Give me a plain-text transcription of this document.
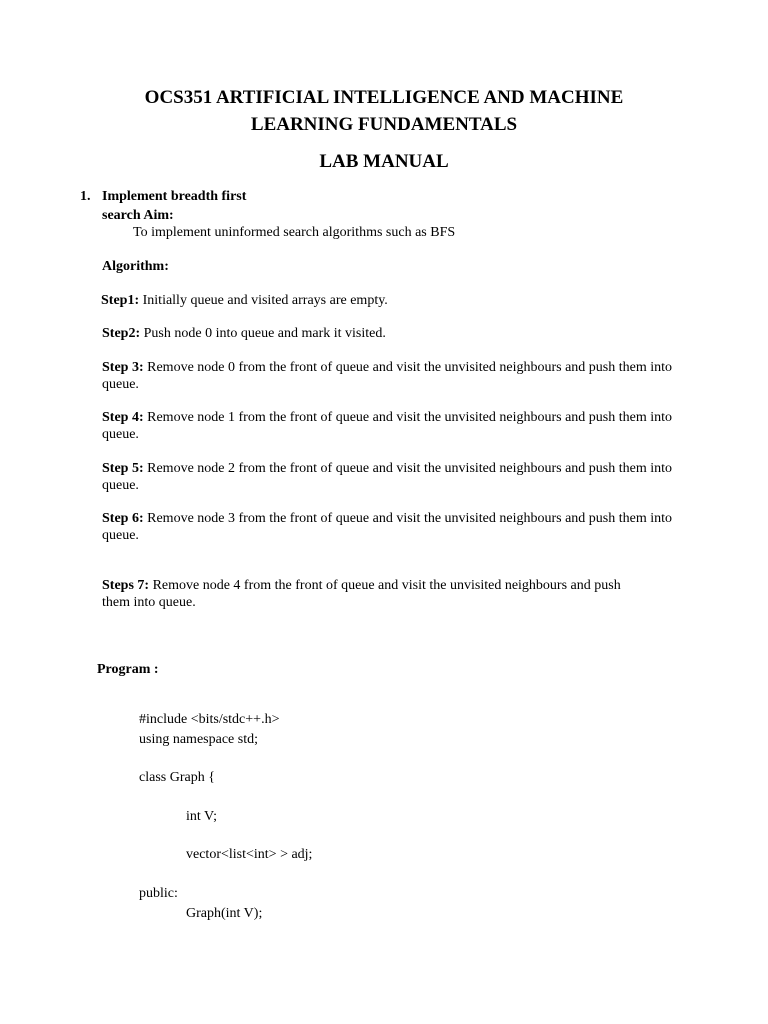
OCS351 ARTIFICIAL INTELLIGENCE AND MACHINE
LEARNING FUNDAMENTALS
LAB MANUAL
1. Implement breadth first
search Aim:
To implement uninformed search algorithms such as BFS
Algorithm:
Step1: Initially queue and visited arrays are empty.
Step2: Push node 0 into queue and mark it visited.
Step 3: Remove node 0 from the front of queue and visit the unvisited neighbours and push them into queue.
Step 4: Remove node 1 from the front of queue and visit the unvisited neighbours and push them into queue.
Step 5: Remove node 2 from the front of queue and visit the unvisited neighbours and push them into queue.
Step 6: Remove node 3 from the front of queue and visit the unvisited neighbours and push them into queue.
Steps 7: Remove node 4 from the front of queue and visit the unvisited neighbours and push them into queue.
Program :
#include <bits/stdc++.h>
using namespace std;
class Graph {
int V;
vector<list<int> > adj;
public:
Graph(int V);
